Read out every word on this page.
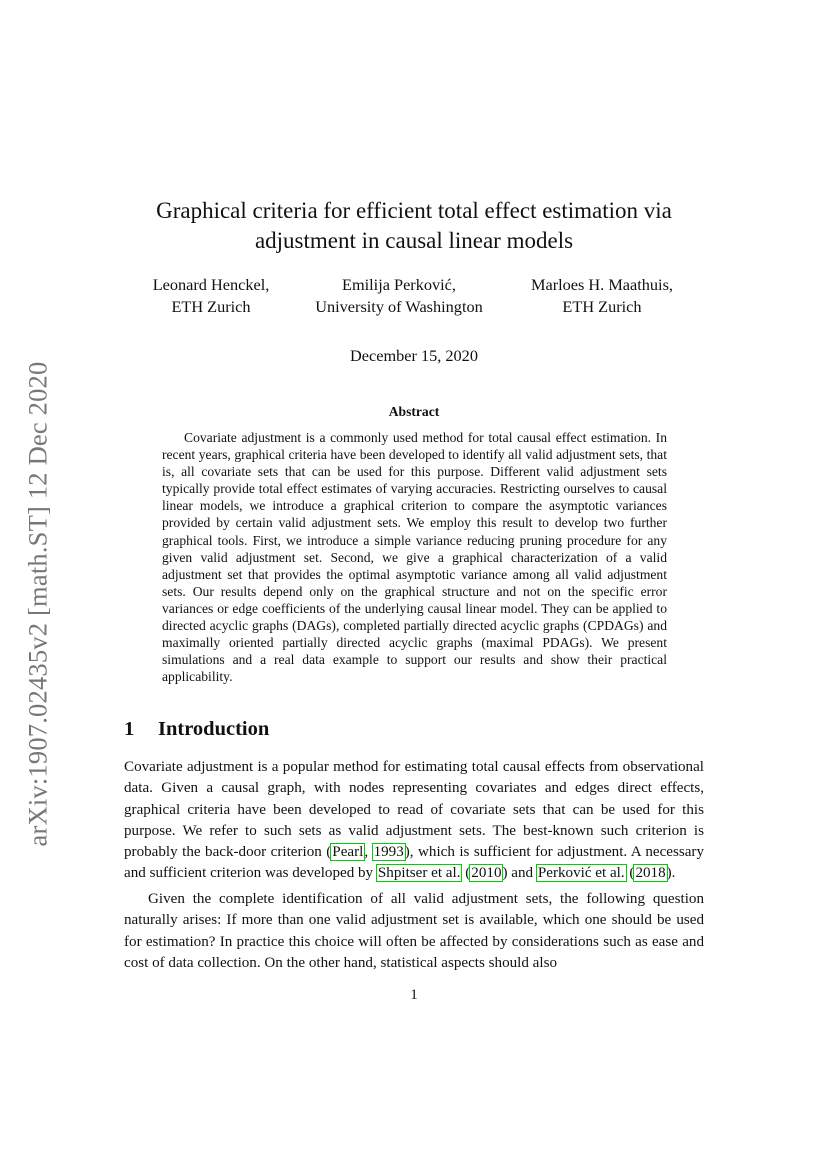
arXiv:1907.02435v2 [math.ST] 12 Dec 2020
Graphical criteria for efficient total effect estimation via
adjustment in causal linear models
Leonard Henckel,
ETH Zurich
Emilija Perković,
University of Washington
Marloes H. Maathuis,
ETH Zurich
December 15, 2020
Abstract
Covariate adjustment is a commonly used method for total causal effect estimation. In recent years, graphical criteria have been developed to identify all valid adjustment sets, that is, all covariate sets that can be used for this purpose. Different valid adjustment sets typically provide total effect estimates of varying accuracies. Restricting ourselves to causal linear models, we introduce a graphical criterion to compare the asymptotic variances provided by certain valid adjustment sets. We employ this result to develop two further graphical tools. First, we introduce a simple variance reducing pruning procedure for any given valid adjustment set. Second, we give a graphical characterization of a valid adjustment set that provides the optimal asymptotic variance among all valid adjustment sets. Our results depend only on the graphical structure and not on the specific error variances or edge coefficients of the underlying causal linear model. They can be applied to directed acyclic graphs (DAGs), completed partially directed acyclic graphs (CPDAGs) and maximally oriented partially directed acyclic graphs (maximal PDAGs). We present simulations and a real data example to support our results and show their practical applicability.
1 Introduction
Covariate adjustment is a popular method for estimating total causal effects from observational data. Given a causal graph, with nodes representing covariates and edges direct effects, graphical criteria have been developed to read of covariate sets that can be used for this purpose. We refer to such sets as valid adjustment sets. The best-known such criterion is probably the back-door criterion (Pearl, 1993), which is sufficient for adjustment. A necessary and sufficient criterion was developed by Shpitser et al. (2010) and Perković et al. (2018).
Given the complete identification of all valid adjustment sets, the following question naturally arises: If more than one valid adjustment set is available, which one should be used for estimation? In practice this choice will often be affected by considerations such as ease and cost of data collection. On the other hand, statistical aspects should also
1
